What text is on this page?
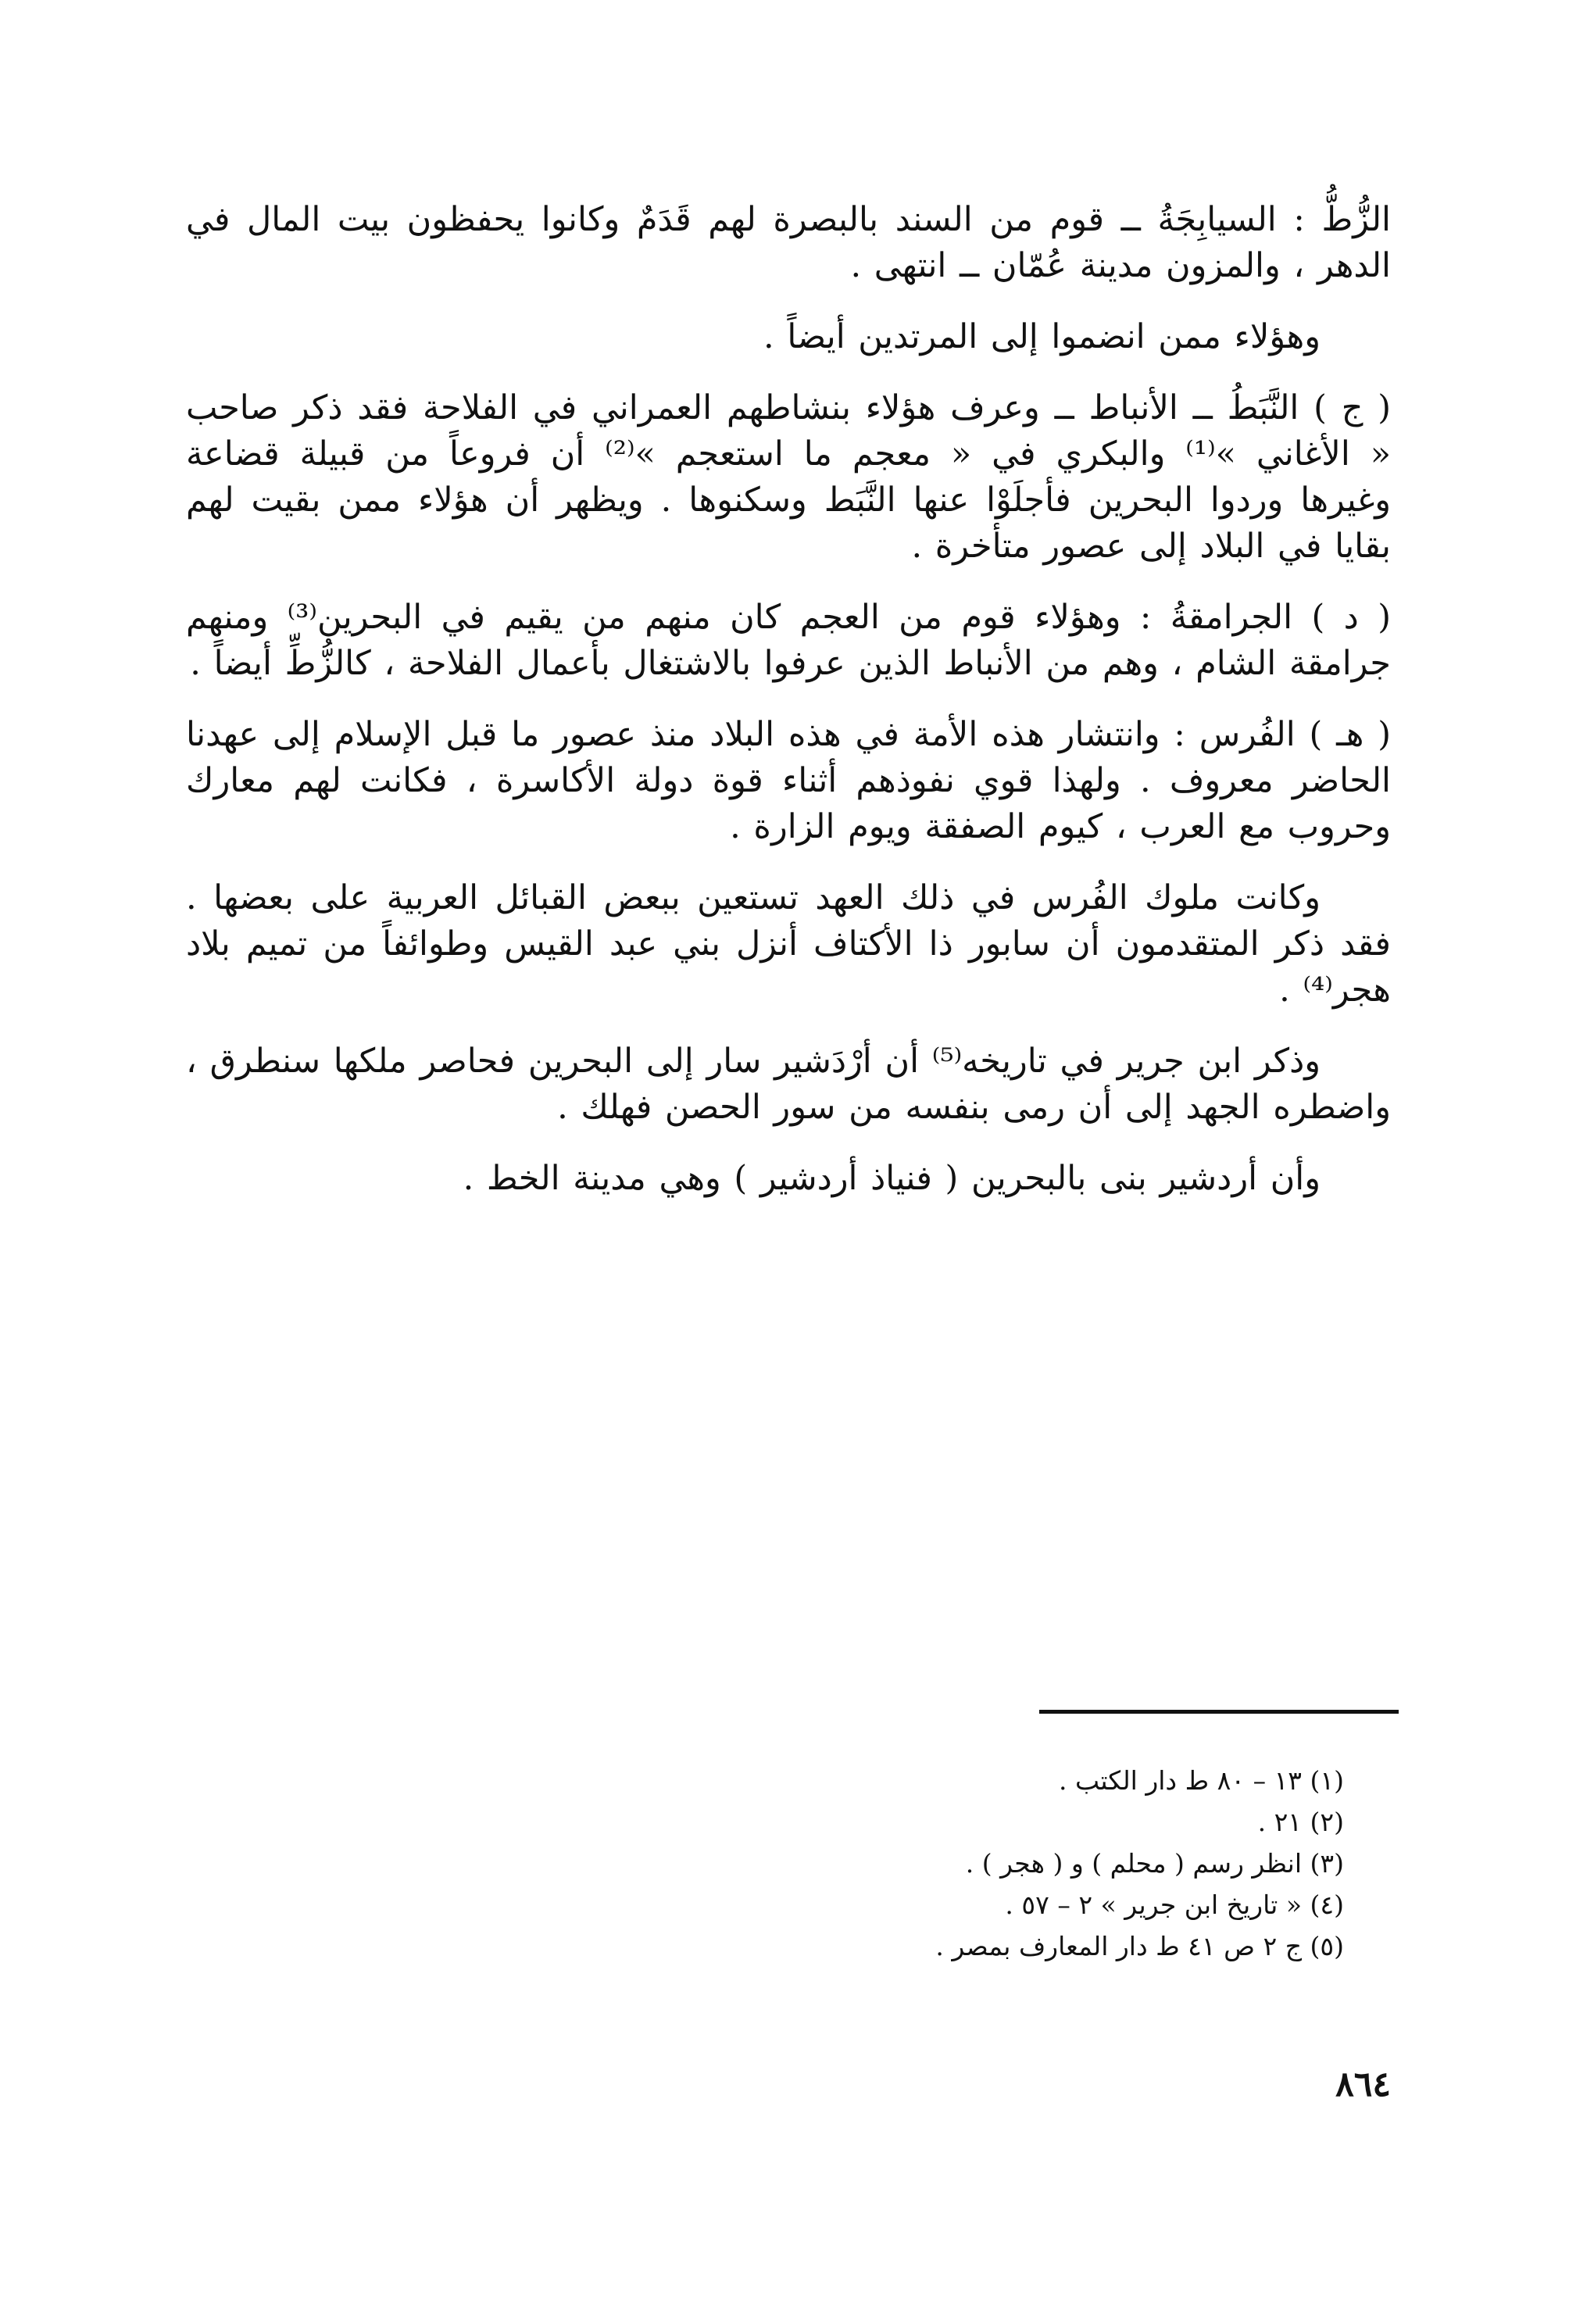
الزُّطُّ : السيابِجَةُ ــ قوم من السند بالبصرة لهم قَدَمٌ وكانوا يحفظون بيت المال في الدهر ، والمزون مدينة عُمّان ــ انتهى .

وهؤلاء ممن انضموا إلى المرتدين أيضاً .

( ج ) النَّبَطُ ــ الأنباط ــ وعرف هؤلاء بنشاطهم العمراني في الفلاحة فقد ذكر صاحب « الأغاني »⁽¹⁾ والبكري في « معجم ما استعجم »⁽²⁾ أن فروعاً من قبيلة قضاعة وغيرها وردوا البحرين فأجلَوْا عنها النَّبَط وسكنوها . ويظهر أن هؤلاء ممن بقيت لهم بقايا في البلاد إلى عصور متأخرة .

( د ) الجرامقةُ : وهؤلاء قوم من العجم كان منهم من يقيم في البحرين⁽³⁾ ومنهم جرامقة الشام ، وهم من الأنباط الذين عرفوا بالاشتغال بأعمال الفلاحة ، كالزُّطِّ أيضاً .

( هـ ) الفُرس : وانتشار هذه الأمة في هذه البلاد منذ عصور ما قبل الإسلام إلى عهدنا الحاضر معروف . ولهذا قوي نفوذهم أثناء قوة دولة الأكاسرة ، فكانت لهم معارك وحروب مع العرب ، كيوم الصفقة ويوم الزارة .

وكانت ملوك الفُرس في ذلك العهد تستعين ببعض القبائل العربية على بعضها . فقد ذكر المتقدمون أن سابور ذا الأكتاف أنزل بني عبد القيس وطوائفاً من تميم بلاد هجر⁽⁴⁾ .

وذكر ابن جرير في تاريخه⁽⁵⁾ أن أرْدَشير سار إلى البحرين فحاصر ملكها سنطرق ، واضطره الجهد إلى أن رمى بنفسه من سور الحصن فهلك .

وأن أردشير بنى بالبحرين ( فنياذ أردشير ) وهي مدينة الخط .

(١) ١٣ – ٨٠ ط دار الكتب .

(٢) ٢١ .

(٣) انظر رسم ( محلم ) و ( هجر ) .

(٤) « تاريخ ابن جرير » ٢ – ٥٧ .

(٥) ج ٢ ص ٤١ ط دار المعارف بمصر .

٨٦٤
